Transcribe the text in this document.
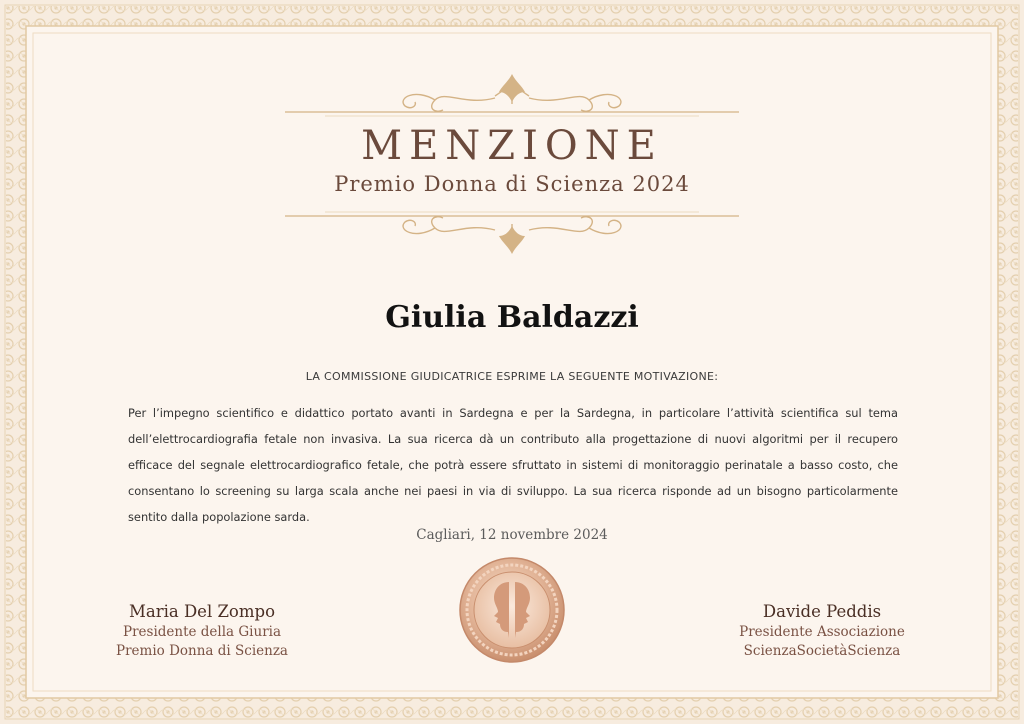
MENZIONE
Premio Donna di Scienza 2024
Giulia Baldazzi
LA COMMISSIONE GIUDICATRICE ESPRIME LA SEGUENTE MOTIVAZIONE:
Per l’impegno scientifico e didattico portato avanti in Sardegna e per la Sardegna, in particolare l’attività scientifica sul tema dell’elettrocardiografia fetale non invasiva. La sua ricerca dà un contributo alla progettazione di nuovi algoritmi per il recupero efficace del segnale elettrocardiografico fetale, che potrà essere sfruttato in sistemi di monitoraggio perinatale a basso costo, che consentano lo screening su larga scala anche nei paesi in via di sviluppo. La sua ricerca risponde ad un bisogno particolarmente sentito dalla popolazione sarda.
Cagliari, 12 novembre 2024
Maria Del Zompo
Presidente della Giuria
Premio Donna di Scienza
Davide Peddis
Presidente Associazione
ScienzaSocietàScienza
